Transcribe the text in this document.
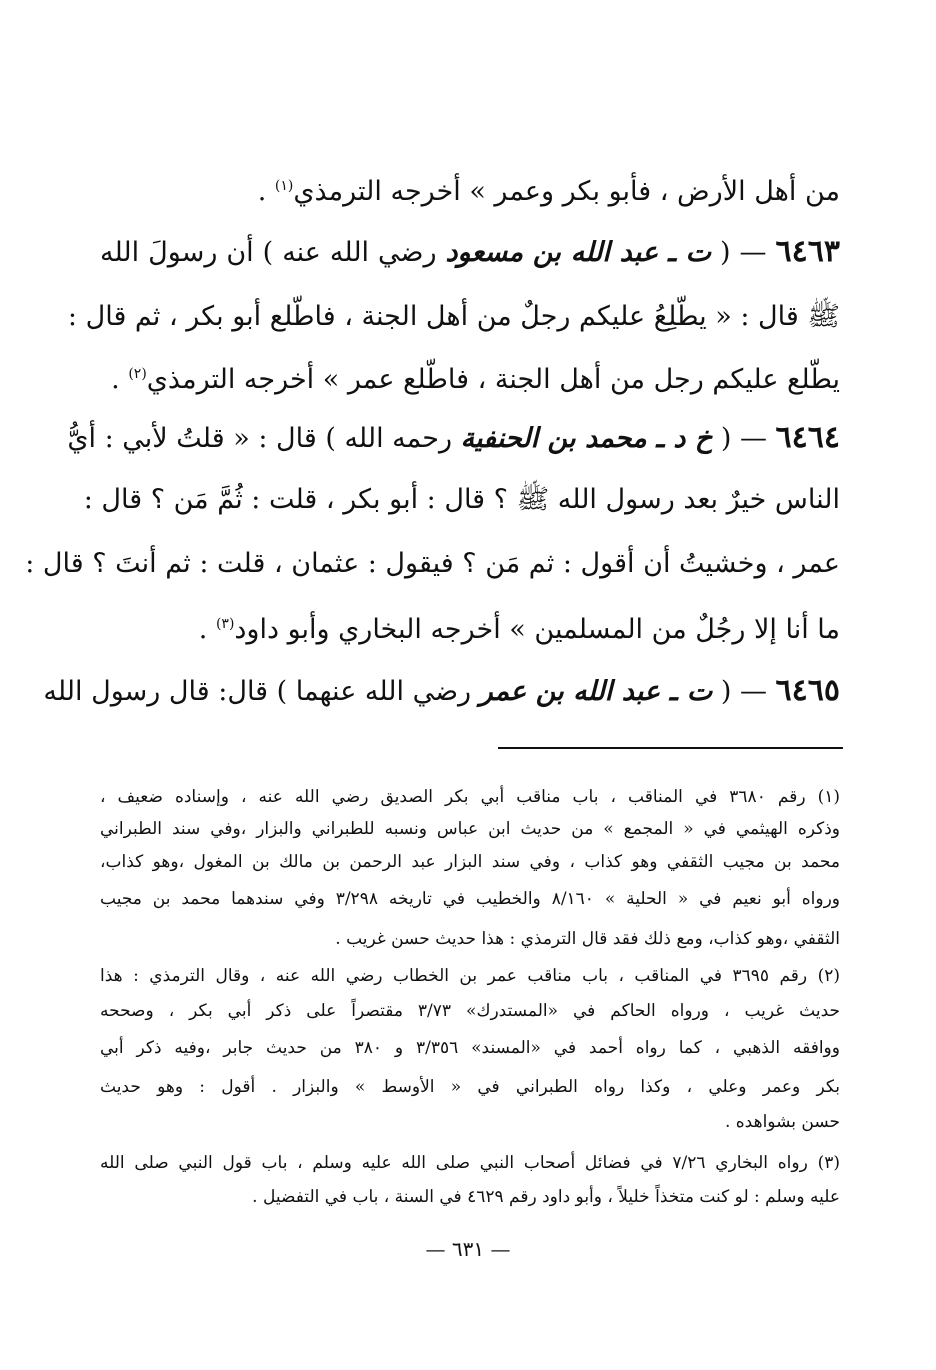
من أهل الأرض ، فأبو بكر وعمر » أخرجه الترمذي$^{(١)}$ .
٦٤٦٣ — ( ت ـ عبد الله بن مسعود رضي الله عنه ) أن رسولَ الله
ﷺ قال : « يطّلِعُ عليكم رجلٌ من أهل الجنة ، فاطّلع أبو بكر ، ثم قال :
يطّلع عليكم رجل من أهل الجنة ، فاطّلع عمر » أخرجه الترمذي$^{(٢)}$ .
٦٤٦٤ — ( خ د ـ محمد بن الحنفية رحمه الله ) قال : « قلتُ لأبي : أيُّ
الناس خيرٌ بعد رسول الله ﷺ ؟ قال : أبو بكر ، قلت : ثُمَّ مَن ؟ قال :
عمر ، وخشيتُ أن أقول : ثم مَن ؟ فيقول : عثمان ، قلت : ثم أنتَ ؟ قال :
ما أنا إلا رجُلٌ من المسلمين » أخرجه البخاري وأبو داود$^{(٣)}$ .
٦٤٦٥ — ( ت ـ عبد الله بن عمر رضي الله عنهما ) قال: قال رسول الله
(١) رقم ٣٦٨٠ في المناقب ، باب مناقب أبي بكر الصديق رضي الله عنه ، وإسناده ضعيف ،
وذكره الهيثمي في « المجمع » من حديث ابن عباس ونسبه للطبراني والبزار ،وفي سند الطبراني
محمد بن مجيب الثقفي وهو كذاب ، وفي سند البزار عبد الرحمن بن مالك بن المغول ،وهو كذاب،
ورواه أبو نعيم في « الحلية » ٨/١٦٠ والخطيب في تاريخه ٣/٢٩٨ وفي سندهما محمد بن مجيب
الثقفي ،وهو كذاب، ومع ذلك فقد قال الترمذي : هذا حديث حسن غريب .
(٢) رقم ٣٦٩٥ في المناقب ، باب مناقب عمر بن الخطاب رضي الله عنه ، وقال الترمذي : هذا
حديث غريب ، ورواه الحاكم في «المستدرك» ٣/٧٣ مقتصراً على ذكر أبي بكر ، وصححه
ووافقه الذهبي ، كما رواه أحمد في «المسند» ٣/٣٥٦ و ٣٨٠ من حديث جابر ،وفيه ذكر أبي
بكر وعمر وعلي ، وكذا رواه الطبراني في « الأوسط » والبزار . أقول : وهو حديث
حسن بشواهده .
(٣) رواه البخاري ٧/٢٦ في فضائل أصحاب النبي صلى الله عليه وسلم ، باب قول النبي صلى الله
عليه وسلم : لو كنت متخذاً خليلاً ، وأبو داود رقم ٤٦٢٩ في السنة ، باب في التفضيل .
— ٦٣١ —
